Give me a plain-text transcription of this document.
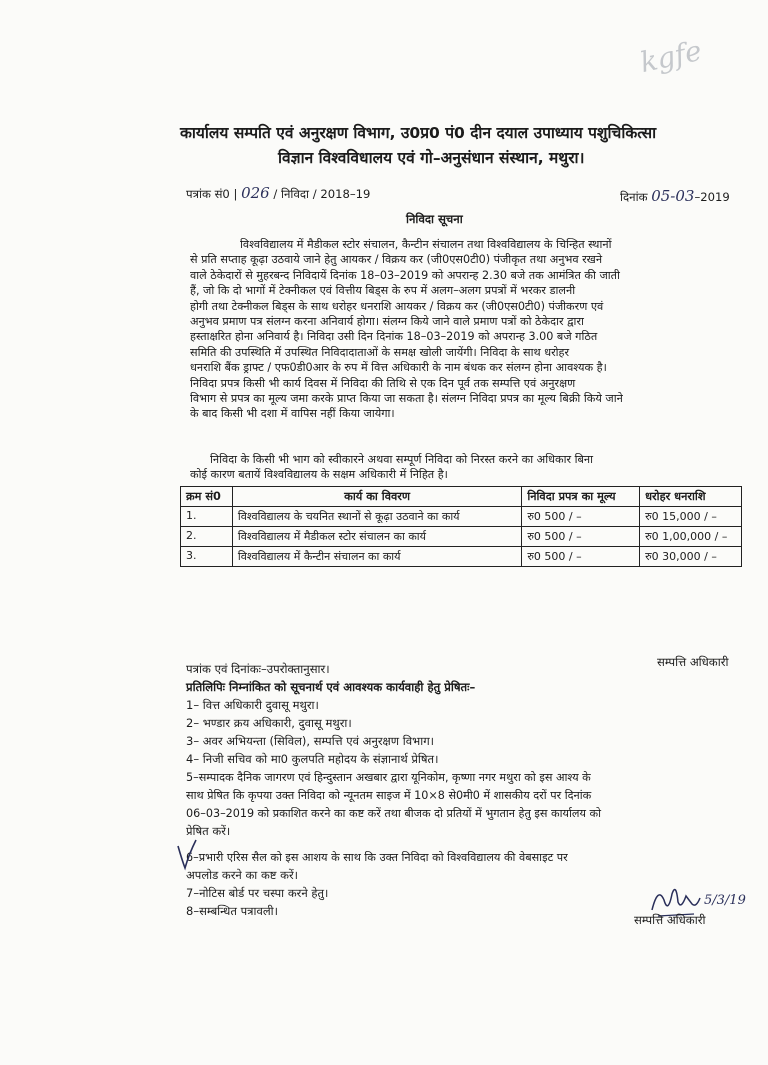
kgfe
कार्यालय सम्पति एवं अनुरक्षण विभाग, उ0प्र0 पं0 दीन दयाल उपाध्याय पशुचिकित्सा
विज्ञान विश्वविधालय एवं गो–अनुसंधान संस्थान, मथुरा।
पत्रांक सं0 | 026 / निविदा / 2018–19	दिनांक 05-03–2019
निविदा सूचना
विश्वविद्यालय में मैडीकल स्टोर संचालन, कैन्टीन संचालन तथा विश्वविद्यालय के चिन्हित स्थानों
से प्रति सप्ताह कूढ़ा उठवाये जाने हेतु आयकर / विक्रय कर (जी0एस0टी0) पंजीकृत तथा अनुभव रखने
वाले ठेकेदारों से मुहरबन्द निविदायें दिनांक 18–03–2019 को अपरान्ह 2.30 बजे तक आमंत्रित की जाती
हैं, जो कि दो भागों में टेक्नीकल एवं वित्तीय बिड्स के रुप में अलग–अलग प्रपत्रों में भरकर डालनी
होगी तथा टेक्नीकल बिड्स के साथ धरोहर धनराशि आयकर / विक्रय कर (जी0एस0टी0) पंजीकरण एवं
अनुभव प्रमाण पत्र संलग्न करना अनिवार्य होगा। संलग्न किये जाने वाले प्रमाण पत्रों को ठेकेदार द्वारा
हस्ताक्षरित होना अनिवार्य है। निविदा उसी दिन दिनांक 18–03–2019 को अपरान्ह 3.00 बजे गठित
समिति की उपस्थिति में उपस्थित निविदादाताओं के समक्ष खोली जायेंगी। निविदा के साथ धरोहर
धनराशि बैंक ड्राफ्ट / एफ0डी0आर के रुप में वित्त अधिकारी के नाम बंधक कर संलग्न होना आवश्यक है।
निविदा प्रपत्र किसी भी कार्य दिवस में निविदा की तिथि से एक दिन पूर्व तक सम्पत्ति एवं अनुरक्षण
विभाग से प्रपत्र का मूल्य जमा करके प्राप्त किया जा सकता है। संलग्न निविदा प्रपत्र का मूल्य बिक्री किये जाने
के बाद किसी भी दशा में वापिस नहीं किया जायेगा।
निविदा के किसी भी भाग को स्वीकारने अथवा सम्पूर्ण निविदा को निरस्त करने का अधिकार बिना
कोई कारण बतायें विश्वविद्यालय के सक्षम अधिकारी में निहित है।
क्रम सं0	कार्य का विवरण	निविदा प्रपत्र का मूल्य	धरोहर धनराशि
1.	विश्वविद्यालय के चयनित स्थानों से कूढ़ा उठवाने का कार्य	रु0 500 / –	रु0 15,000 / –
2.	विश्वविद्यालय में मैडीकल स्टोर संचालन का कार्य	रु0 500 / –	रु0 1,00,000 / –
3.	विश्वविद्यालय में कैन्टीन संचालन का कार्य	रु0 500 / –	रु0 30,000 / –
सम्पत्ति अधिकारी
पत्रांक एवं दिनांकः–उपरोक्तानुसार।
प्रतिलिपिः निम्नांकित को सूचनार्थ एवं आवश्यक कार्यवाही हेतु प्रेषितः–
1– वित्त अधिकारी दुवासू मथुरा।
2– भण्डार क्रय अधिकारी, दुवासू मथुरा।
3– अवर अभियन्ता (सिविल), सम्पत्ति एवं अनुरक्षण विभाग।
4– निजी सचिव को मा0 कुलपति महोदय के संज्ञानार्थ प्रेषित।
5–सम्पादक दैनिक जागरण एवं हिन्दुस्तान अखबार द्वारा यूनिकोम, कृष्णा नगर मथुरा को इस आश्य के
साथ प्रेषित कि कृपया उक्त निविदा को न्यूनतम साइज में 10×8 से0मी0 में शासकीय दरों पर दिनांक
06–03–2019 को प्रकाशित करने का कष्ट करें तथा बीजक दो प्रतियों में भुगतान हेतु इस कार्यालय को
प्रेषित करें।
6–प्रभारी एरिस सैल को इस आशय के साथ कि उक्त निविदा को विश्वविद्यालय की वेबसाइट पर
अपलोड करने का कष्ट करें।
7–नोटिस बोर्ड पर चस्पा करने हेतु।
8–सम्बन्धित पत्रावली।
5/3/19
सम्पत्ति अधिकारी
